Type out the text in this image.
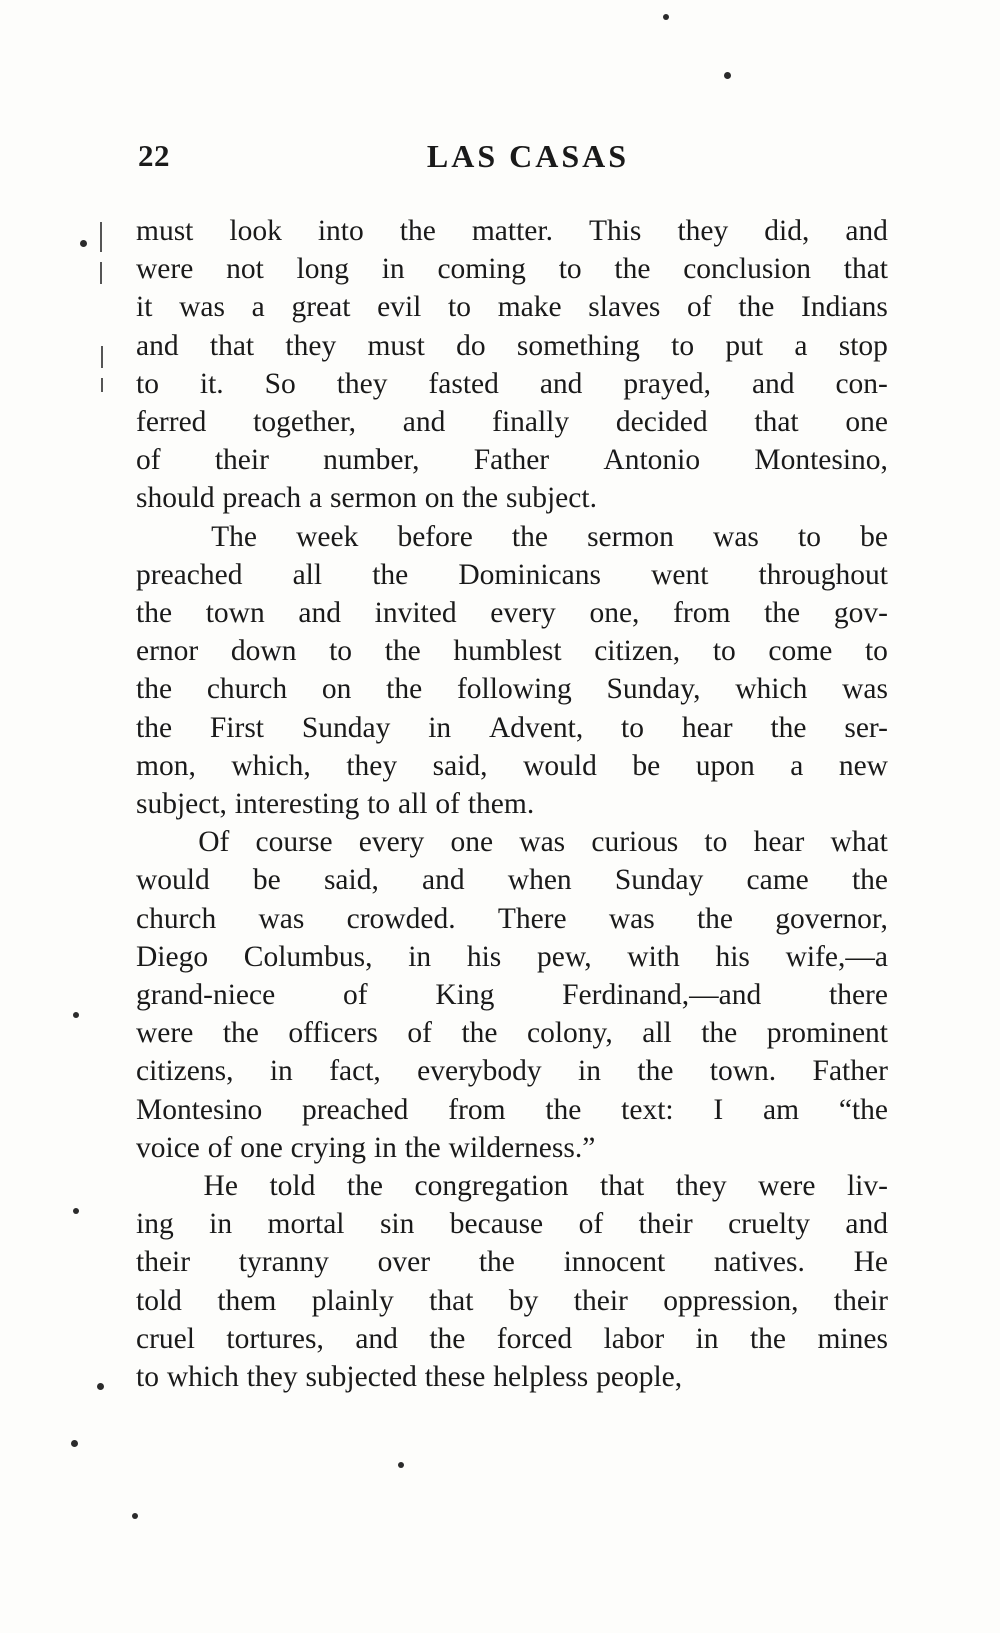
22	LAS CASAS

must look into the matter. This they did, and
were not long in coming to the conclusion that
it was a great evil to make slaves of the Indians
and that they must do something to put a stop
to it. So they fasted and prayed, and con-
ferred together, and finally decided that one
of their number, Father Antonio Montesino,
should preach a sermon on the subject.

The week before the sermon was to be
preached all the Dominicans went throughout
the town and invited every one, from the gov-
ernor down to the humblest citizen, to come to
the church on the following Sunday, which was
the First Sunday in Advent, to hear the ser-
mon, which, they said, would be upon a new
subject, interesting to all of them.

Of course every one was curious to hear what
would be said, and when Sunday came the
church was crowded. There was the governor,
Diego Columbus, in his pew, with his wife,—a
grand-niece of King Ferdinand,—and there
were the officers of the colony, all the prominent
citizens, in fact, everybody in the town. Father
Montesino preached from the text: I am “the
voice of one crying in the wilderness.”

He told the congregation that they were liv-
ing in mortal sin because of their cruelty and
their tyranny over the innocent natives. He
told them plainly that by their oppression, their
cruel tortures, and the forced labor in the mines
to which they subjected these helpless people,
